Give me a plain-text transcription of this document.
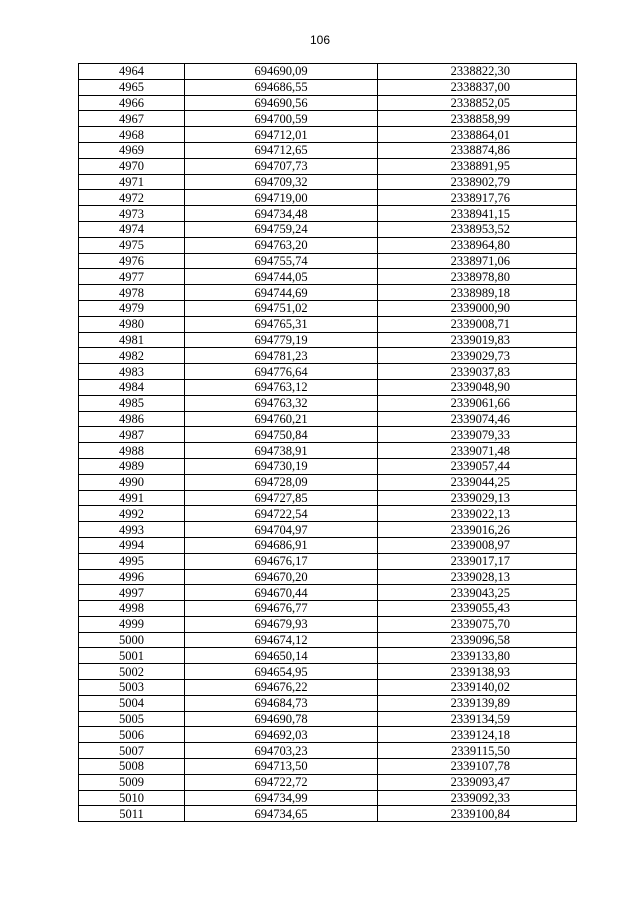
106
4964	694690,09	2338822,30
4965	694686,55	2338837,00
4966	694690,56	2338852,05
4967	694700,59	2338858,99
4968	694712,01	2338864,01
4969	694712,65	2338874,86
4970	694707,73	2338891,95
4971	694709,32	2338902,79
4972	694719,00	2338917,76
4973	694734,48	2338941,15
4974	694759,24	2338953,52
4975	694763,20	2338964,80
4976	694755,74	2338971,06
4977	694744,05	2338978,80
4978	694744,69	2338989,18
4979	694751,02	2339000,90
4980	694765,31	2339008,71
4981	694779,19	2339019,83
4982	694781,23	2339029,73
4983	694776,64	2339037,83
4984	694763,12	2339048,90
4985	694763,32	2339061,66
4986	694760,21	2339074,46
4987	694750,84	2339079,33
4988	694738,91	2339071,48
4989	694730,19	2339057,44
4990	694728,09	2339044,25
4991	694727,85	2339029,13
4992	694722,54	2339022,13
4993	694704,97	2339016,26
4994	694686,91	2339008,97
4995	694676,17	2339017,17
4996	694670,20	2339028,13
4997	694670,44	2339043,25
4998	694676,77	2339055,43
4999	694679,93	2339075,70
5000	694674,12	2339096,58
5001	694650,14	2339133,80
5002	694654,95	2339138,93
5003	694676,22	2339140,02
5004	694684,73	2339139,89
5005	694690,78	2339134,59
5006	694692,03	2339124,18
5007	694703,23	2339115,50
5008	694713,50	2339107,78
5009	694722,72	2339093,47
5010	694734,99	2339092,33
5011	694734,65	2339100,84
